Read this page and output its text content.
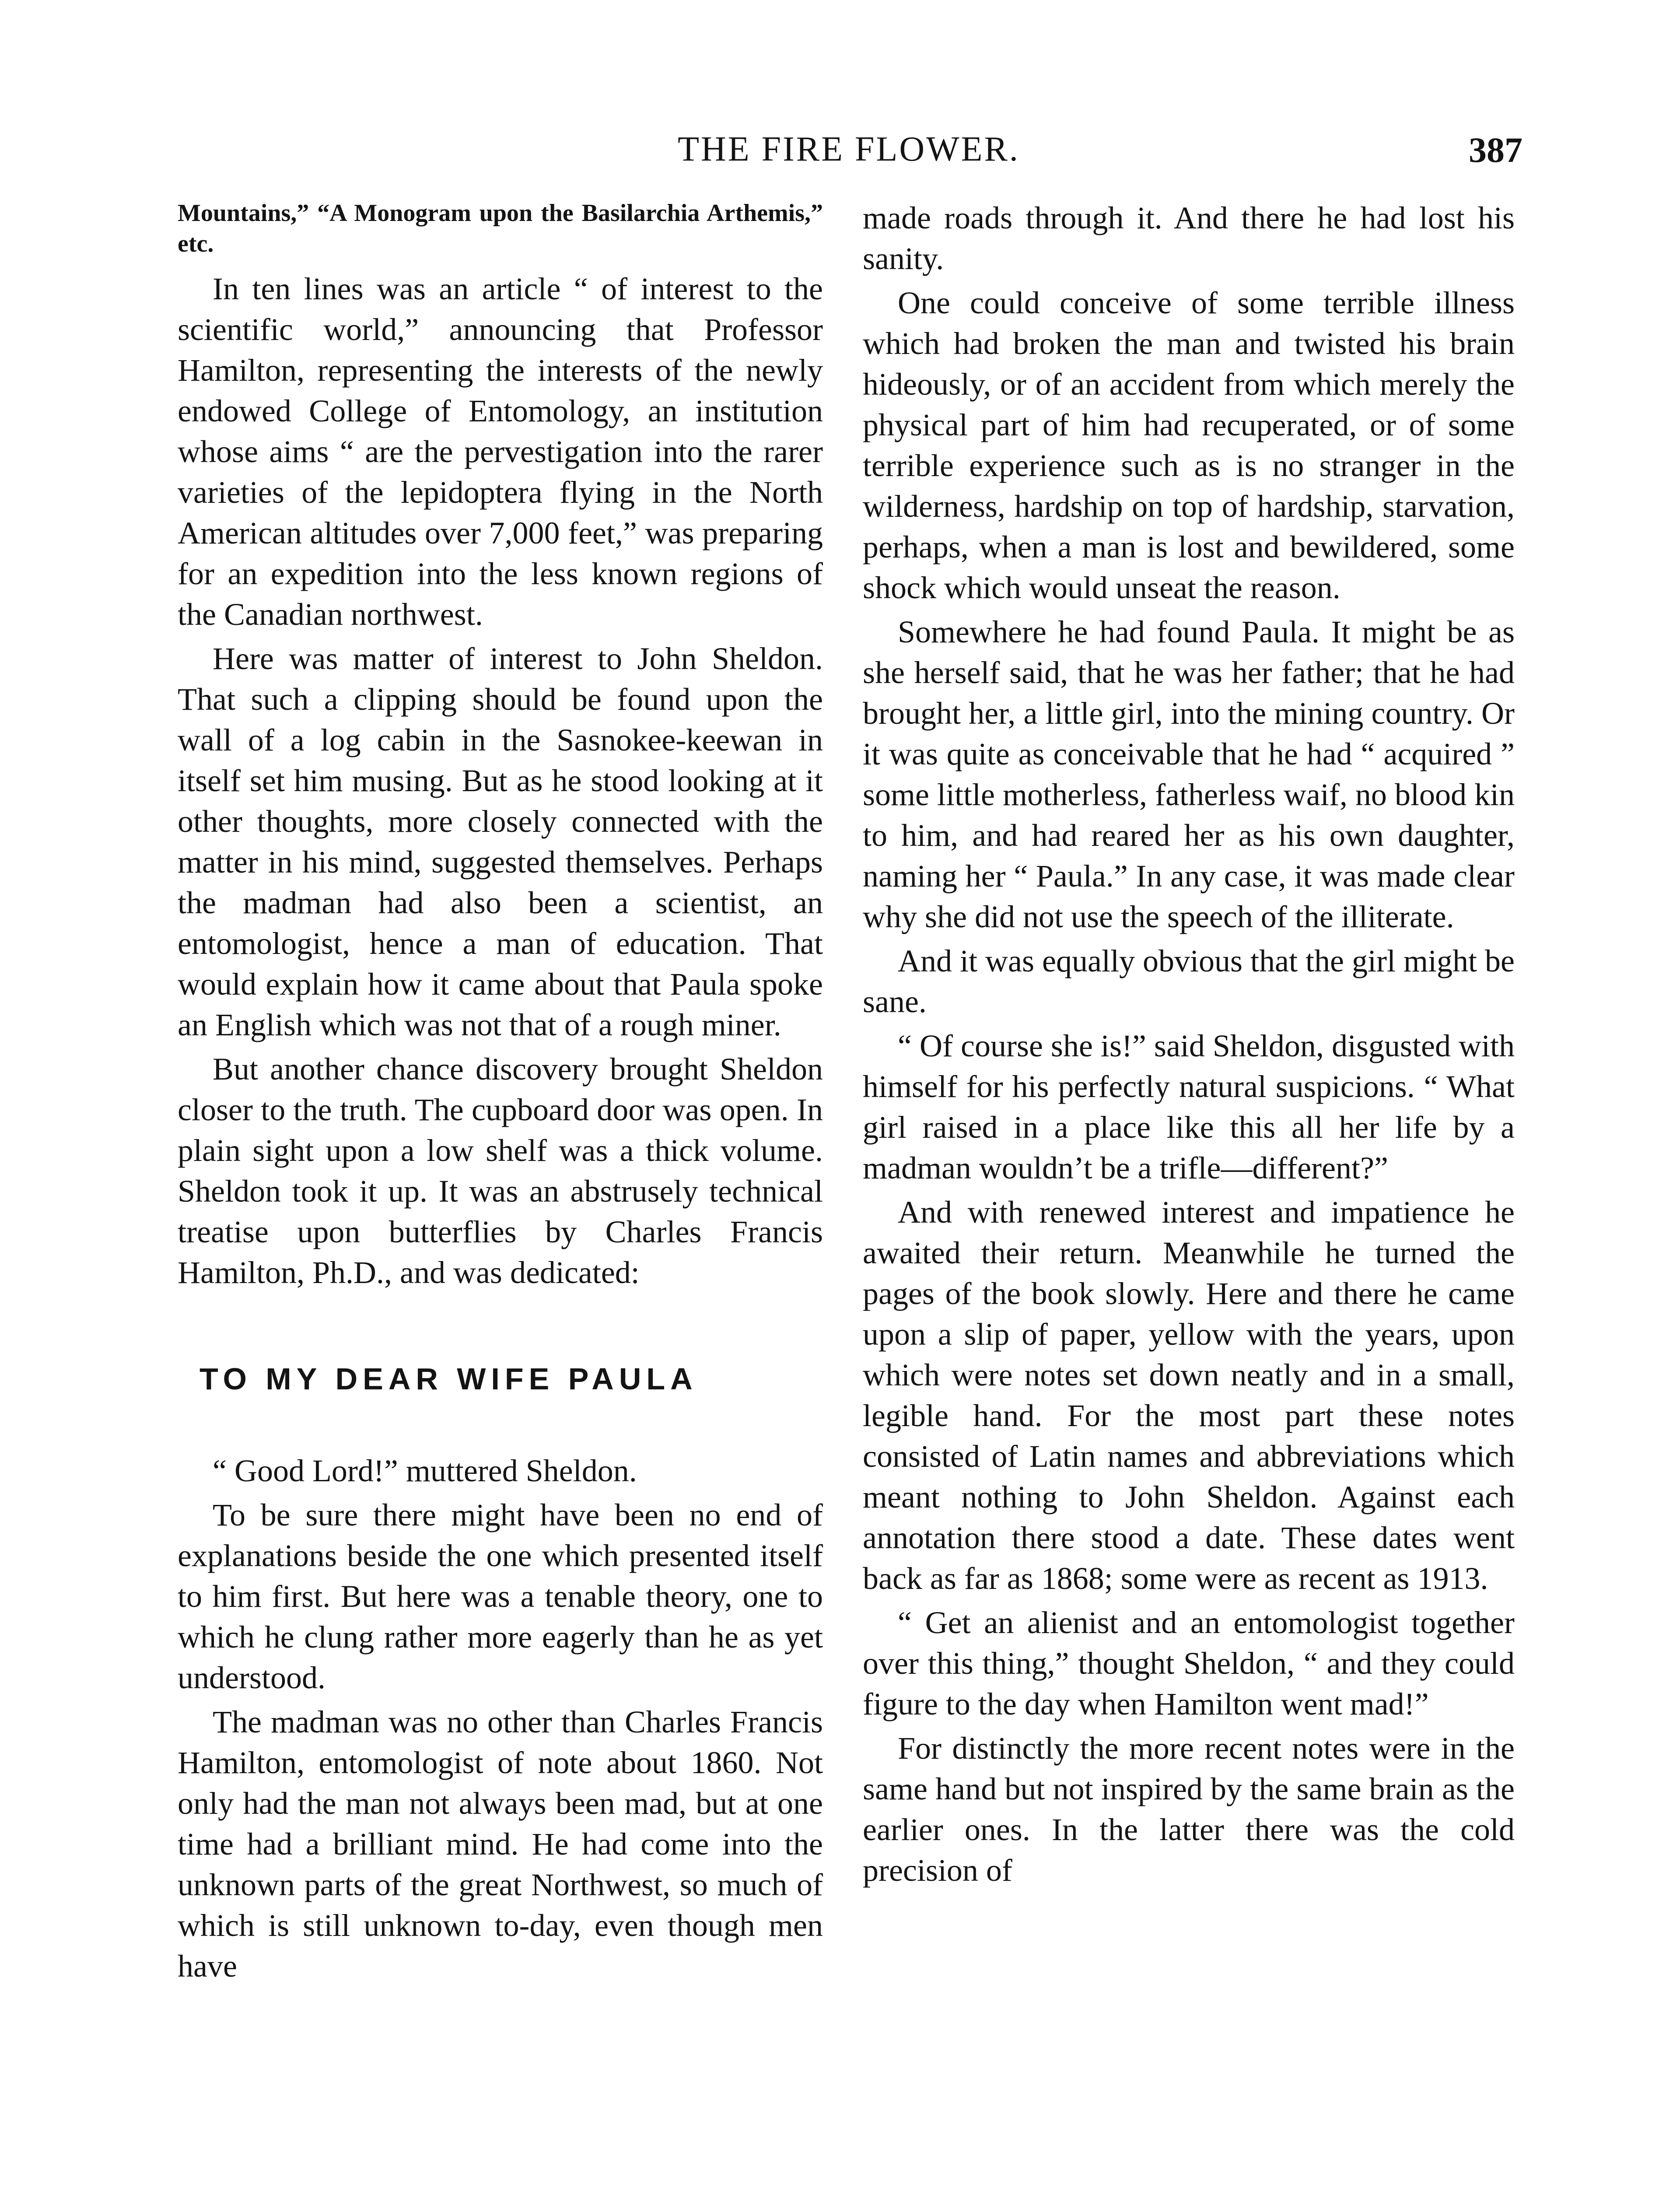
THE FIRE FLOWER.	387

Mountains,” “A Monogram upon the Basilarchia Arthemis,” etc.

In ten lines was an article “ of interest to the scientific world,” announcing that Professor Hamilton, representing the interests of the newly endowed College of Entomology, an institution whose aims “ are the pervestigation into the rarer varieties of the lepidoptera flying in the North American altitudes over 7,000 feet,” was preparing for an expedition into the less known regions of the Canadian northwest.

Here was matter of interest to John Sheldon. That such a clipping should be found upon the wall of a log cabin in the Sasnokee-keewan in itself set him musing. But as he stood looking at it other thoughts, more closely connected with the matter in his mind, suggested themselves. Perhaps the madman had also been a scientist, an entomologist, hence a man of education. That would explain how it came about that Paula spoke an English which was not that of a rough miner.

But another chance discovery brought Sheldon closer to the truth. The cupboard door was open. In plain sight upon a low shelf was a thick volume. Sheldon took it up. It was an abstrusely technical treatise upon butterflies by Charles Francis Hamilton, Ph.D., and was dedicated:

TO MY DEAR WIFE PAULA

“ Good Lord!” muttered Sheldon.

To be sure there might have been no end of explanations beside the one which presented itself to him first. But here was a tenable theory, one to which he clung rather more eagerly than he as yet understood.

The madman was no other than Charles Francis Hamilton, entomologist of note about 1860. Not only had the man not always been mad, but at one time had a brilliant mind. He had come into the unknown parts of the great Northwest, so much of which is still unknown to-day, even though men have

made roads through it. And there he had lost his sanity.

One could conceive of some terrible illness which had broken the man and twisted his brain hideously, or of an accident from which merely the physical part of him had recuperated, or of some terrible experience such as is no stranger in the wilderness, hardship on top of hardship, starvation, perhaps, when a man is lost and bewildered, some shock which would unseat the reason.

Somewhere he had found Paula. It might be as she herself said, that he was her father; that he had brought her, a little girl, into the mining country. Or it was quite as conceivable that he had “ acquired ” some little motherless, fatherless waif, no blood kin to him, and had reared her as his own daughter, naming her “ Paula.” In any case, it was made clear why she did not use the speech of the illiterate.

And it was equally obvious that the girl might be sane.

“ Of course she is!” said Sheldon, disgusted with himself for his perfectly natural suspicions. “ What girl raised in a place like this all her life by a madman wouldn’t be a trifle—different?”

And with renewed interest and impatience he awaited their return. Meanwhile he turned the pages of the book slowly. Here and there he came upon a slip of paper, yellow with the years, upon which were notes set down neatly and in a small, legible hand. For the most part these notes consisted of Latin names and abbreviations which meant nothing to John Sheldon. Against each annotation there stood a date. These dates went back as far as 1868; some were as recent as 1913.

“ Get an alienist and an entomologist together over this thing,” thought Sheldon, “ and they could figure to the day when Hamilton went mad!”

For distinctly the more recent notes were in the same hand but not inspired by the same brain as the earlier ones. In the latter there was the cold precision of
